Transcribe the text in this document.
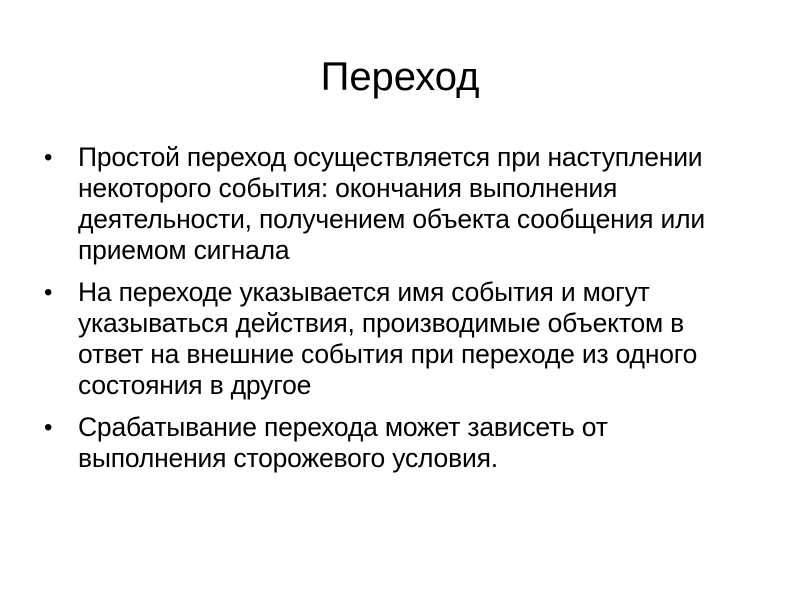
Переход
• Простой переход осуществляется при наступлении некоторого события: окончания выполнения деятельности, получением объекта сообщения или приемом сигнала
• На переходе указывается имя события и могут указываться действия, производимые объектом в ответ на внешние события при переходе из одного состояния в другое
• Срабатывание перехода может зависеть от выполнения сторожевого условия.
